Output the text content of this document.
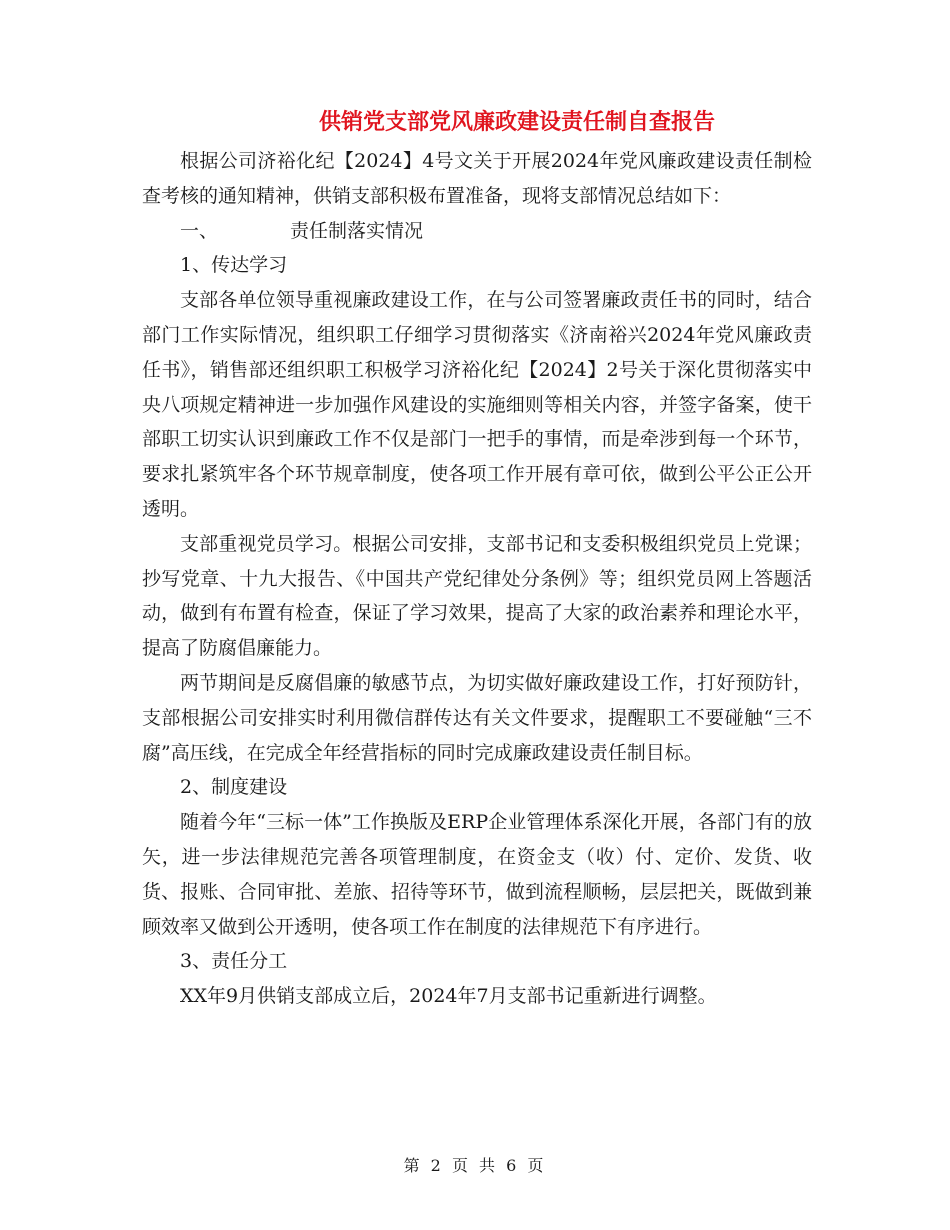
供销党支部党风廉政建设责任制自查报告

根据公司济裕化纪【2024】4号文关于开展2024年党风廉政建设责任制检查考核的通知精神，供销支部积极布置准备，现将支部情况总结如下：

一、	责任制落实情况

1、传达学习

支部各单位领导重视廉政建设工作，在与公司签署廉政责任书的同时，结合部门工作实际情况，组织职工仔细学习贯彻落实《济南裕兴2024年党风廉政责任书》，销售部还组织职工积极学习济裕化纪【2024】2号关于深化贯彻落实中央八项规定精神进一步加强作风建设的实施细则等相关内容，并签字备案，使干部职工切实认识到廉政工作不仅是部门一把手的事情，而是牵涉到每一个环节，要求扎紧筑牢各个环节规章制度，使各项工作开展有章可依，做到公平公正公开透明。

支部重视党员学习。根据公司安排，支部书记和支委积极组织党员上党课；抄写党章、十九大报告、《中国共产党纪律处分条例》等；组织党员网上答题活动，做到有布置有检查，保证了学习效果，提高了大家的政治素养和理论水平，提高了防腐倡廉能力。

两节期间是反腐倡廉的敏感节点，为切实做好廉政建设工作，打好预防针，支部根据公司安排实时利用微信群传达有关文件要求，提醒职工不要碰触“三不腐”高压线，在完成全年经营指标的同时完成廉政建设责任制目标。

2、制度建设

随着今年“三标一体”工作换版及ERP企业管理体系深化开展，各部门有的放矢，进一步法律规范完善各项管理制度，在资金支（收）付、定价、发货、收货、报账、合同审批、差旅、招待等环节，做到流程顺畅，层层把关，既做到兼顾效率又做到公开透明，使各项工作在制度的法律规范下有序进行。

3、责任分工

XX年9月供销支部成立后，2024年7月支部书记重新进行调整。

第 2 页 共 6 页
